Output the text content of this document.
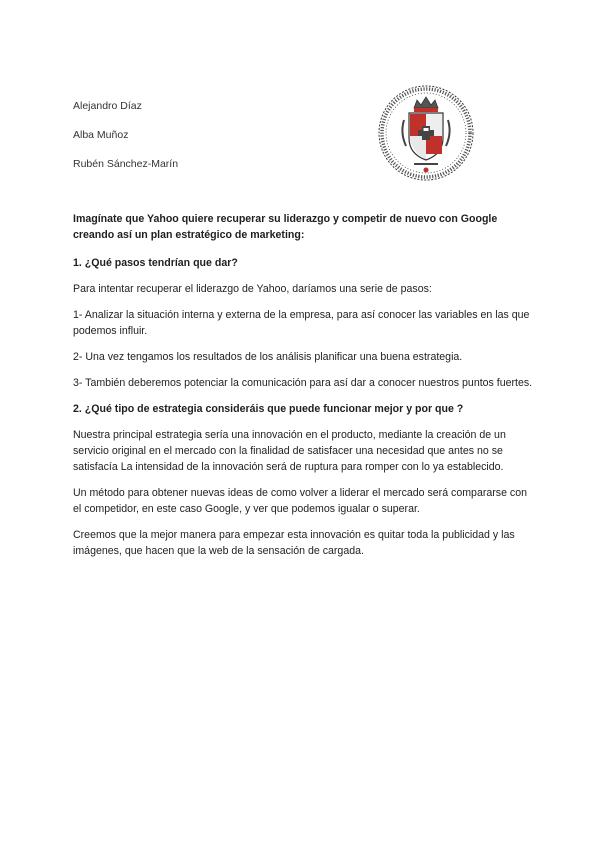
Alejandro Díaz
Alba Muñoz
Rubén Sánchez-Marín

Imagínate que Yahoo quiere recuperar su liderazgo y competir de nuevo con Google creando así un plan estratégico de marketing:

1. ¿Qué pasos tendrían que dar?

Para intentar recuperar el liderazgo de Yahoo, daríamos una serie de pasos:

1- Analizar la situación interna y externa de la empresa, para así conocer las variables en las que podemos influir.

2- Una vez tengamos los resultados de los análisis planificar una buena estrategia.

3- También deberemos potenciar la comunicación para así dar a conocer nuestros puntos fuertes.

2. ¿Qué tipo de estrategia consideráis que puede funcionar mejor y por que ?

Nuestra principal estrategia sería una innovación en el producto, mediante la creación de un servicio original en el mercado con la finalidad de satisfacer una necesidad que antes no se satisfacía La intensidad de la innovación será de ruptura para romper con lo ya establecido.

Un método para obtener nuevas ideas de como volver a liderar el mercado será compararse con el competidor, en este caso Google, y ver que podemos igualar o superar.

Creemos que la mejor manera para empezar esta innovación es quitar toda la publicidad y las imágenes, que hacen que la web de la sensación de cargada.
